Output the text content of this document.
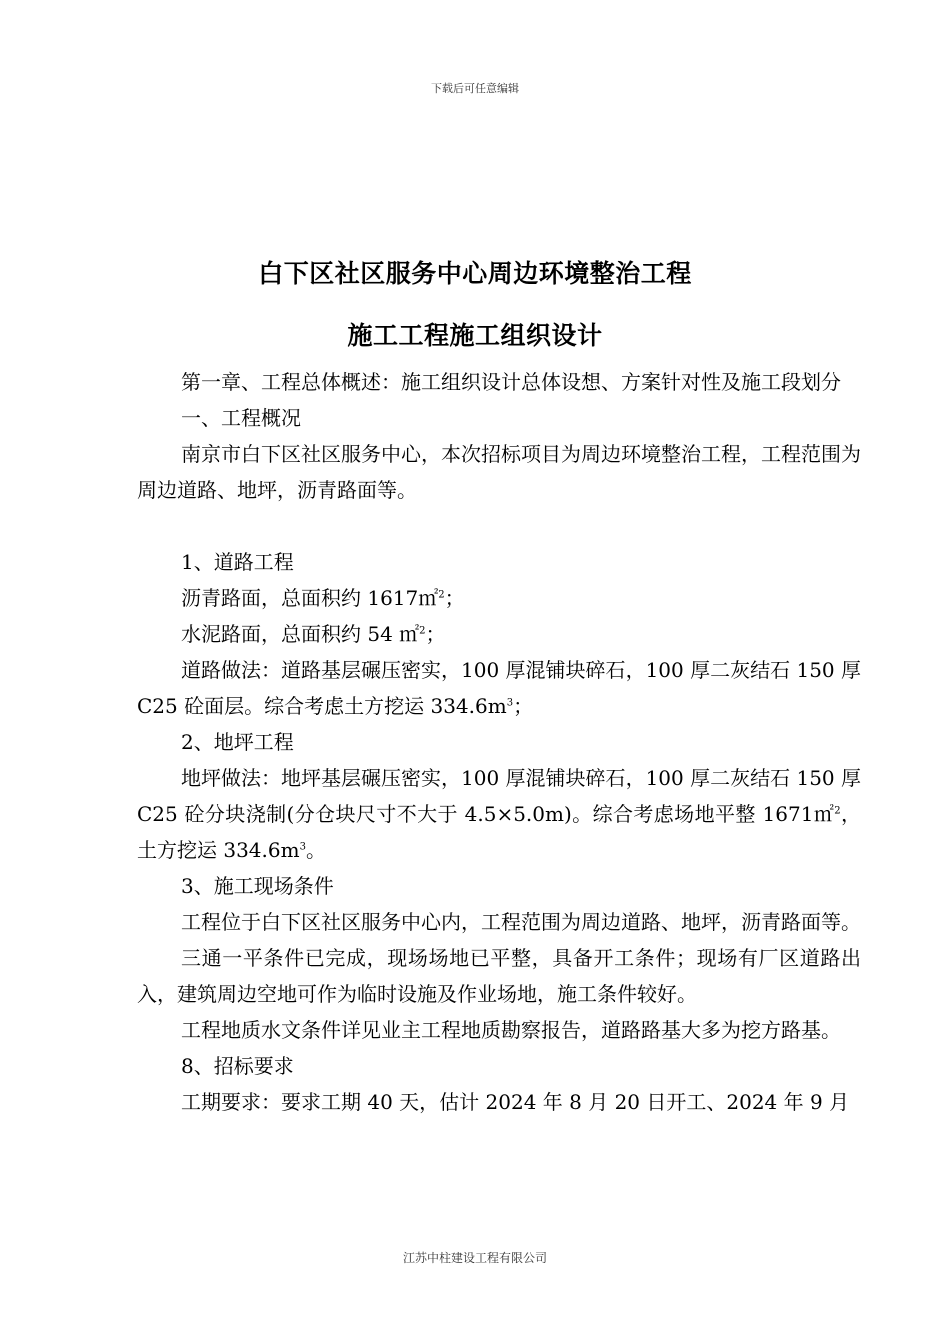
下载后可任意编辑
白下区社区服务中心周边环境整治工程
施工工程施工组织设计

第一章、工程总体概述：施工组织设计总体设想、方案针对性及施工段划分

一、工程概况

南京市白下区社区服务中心，本次招标项目为周边环境整治工程，工程范围为周边道路、地坪，沥青路面等。

1、道路工程

沥青路面，总面积约 1617㎡$^2$；

水泥路面，总面积约 54 ㎡$^2$；

道路做法：道路基层碾压密实，100 厚混铺块碎石，100 厚二灰结石 150 厚 C25 砼面层。综合考虑土方挖运 $334.6m^3$；

2、地坪工程

地坪做法：地坪基层碾压密实，100 厚混铺块碎石，100 厚二灰结石 150 厚 C25 砼分块浇制(分仓块尺寸不大于 4.5×5.0m)。综合考虑场地平整 1671㎡$^2$，土方挖运 $334.6m^3$。

3、施工现场条件

工程位于白下区社区服务中心内，工程范围为周边道路、地坪，沥青路面等。

三通一平条件已完成，现场场地已平整，具备开工条件；现场有厂区道路出入，建筑周边空地可作为临时设施及作业场地，施工条件较好。

工程地质水文条件详见业主工程地质勘察报告，道路路基大多为挖方路基。

8、招标要求

工期要求：要求工期 40 天，估计 2024 年 8 月 20 日开工、2024 年 9 月

江苏中柱建设工程有限公司
